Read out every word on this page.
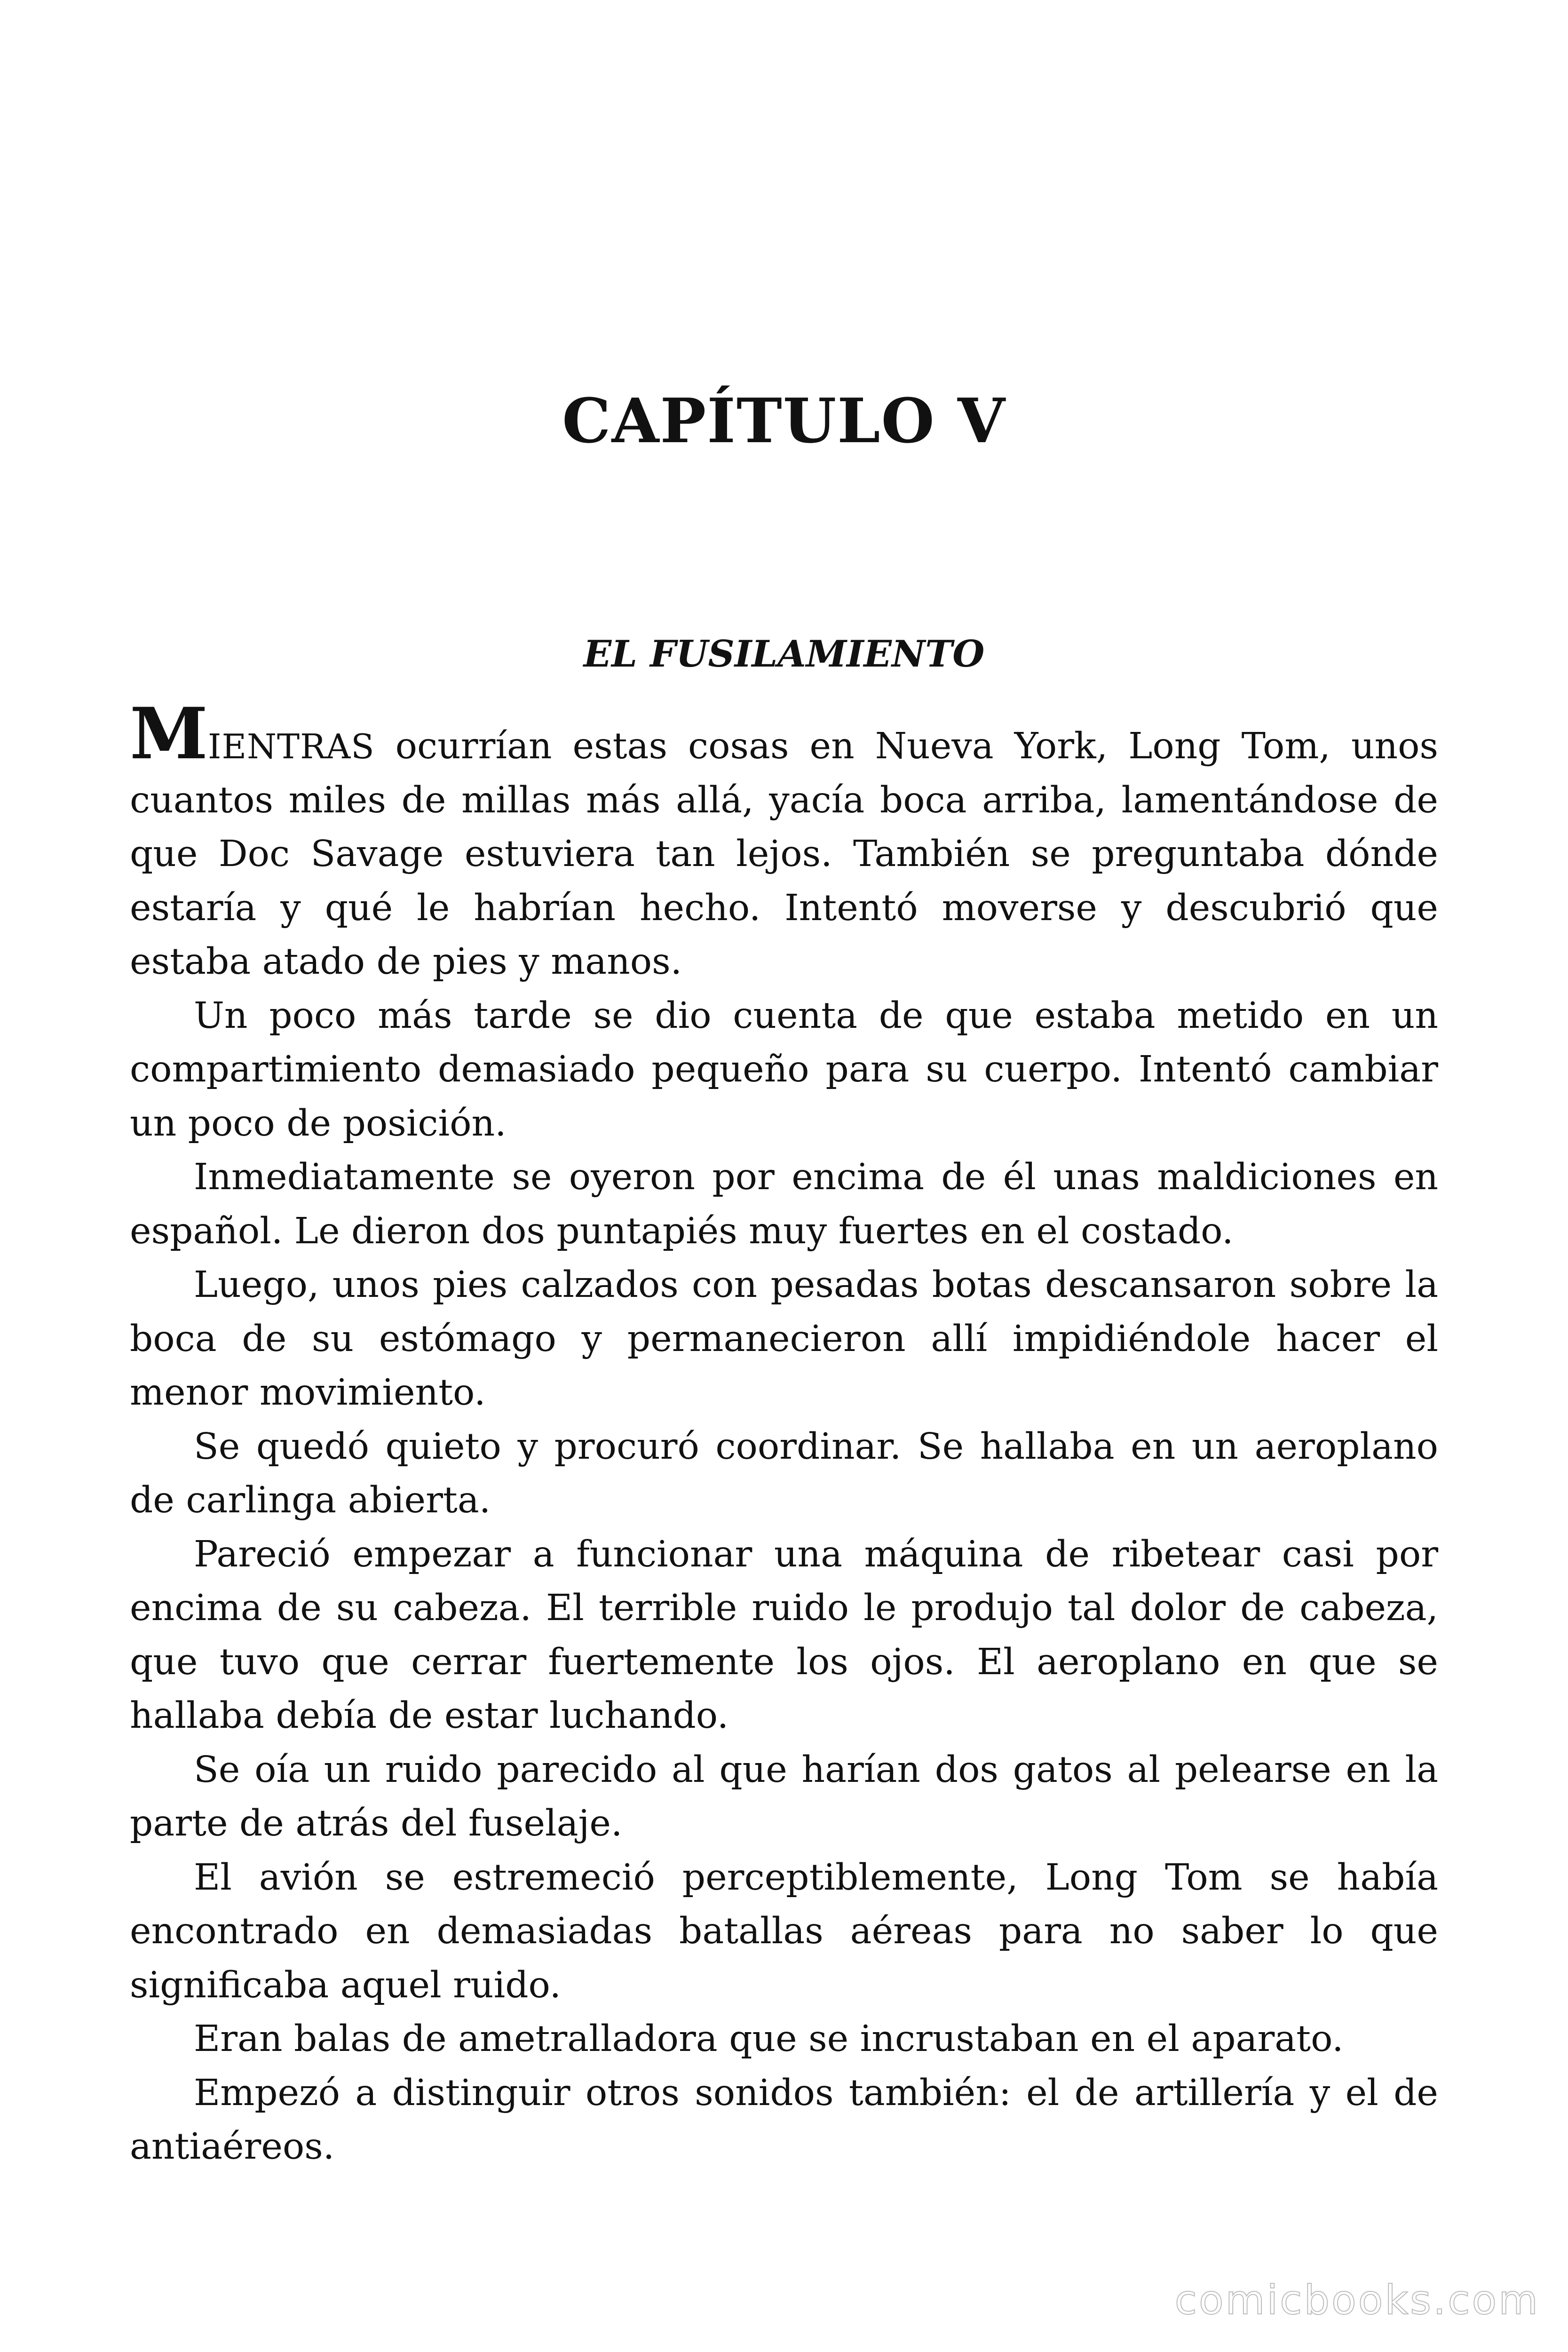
CAPÍTULO V
EL FUSILAMIENTO

MIENTRAS ocurrían estas cosas en Nueva York, Long Tom, unos cuantos miles de millas más allá, yacía boca arriba, lamentándose de que Doc Savage estuviera tan lejos. También se preguntaba dónde estaría y qué le habrían hecho. Intentó moverse y descubrió que estaba atado de pies y manos.

Un poco más tarde se dio cuenta de que estaba metido en un compartimiento demasiado pequeño para su cuerpo. Intentó cambiar un poco de posición.

Inmediatamente se oyeron por encima de él unas maldiciones en español. Le dieron dos puntapiés muy fuertes en el costado.

Luego, unos pies calzados con pesadas botas descansaron sobre la boca de su estómago y permanecieron allí impidiéndole hacer el menor movimiento.

Se quedó quieto y procuró coordinar. Se hallaba en un aeroplano de carlinga abierta.

Pareció empezar a funcionar una máquina de ribetear casi por encima de su cabeza. El terrible ruido le produjo tal dolor de cabeza, que tuvo que cerrar fuertemente los ojos. El aeroplano en que se hallaba debía de estar luchando.

Se oía un ruido parecido al que harían dos gatos al pelearse en la parte de atrás del fuselaje.

El avión se estremeció perceptiblemente, Long Tom se había encontrado en demasiadas batallas aéreas para no saber lo que significaba aquel ruido.

Eran balas de ametralladora que se incrustaban en el aparato.

Empezó a distinguir otros sonidos también: el de artillería y el de antiaéreos.

comicbooks.com
